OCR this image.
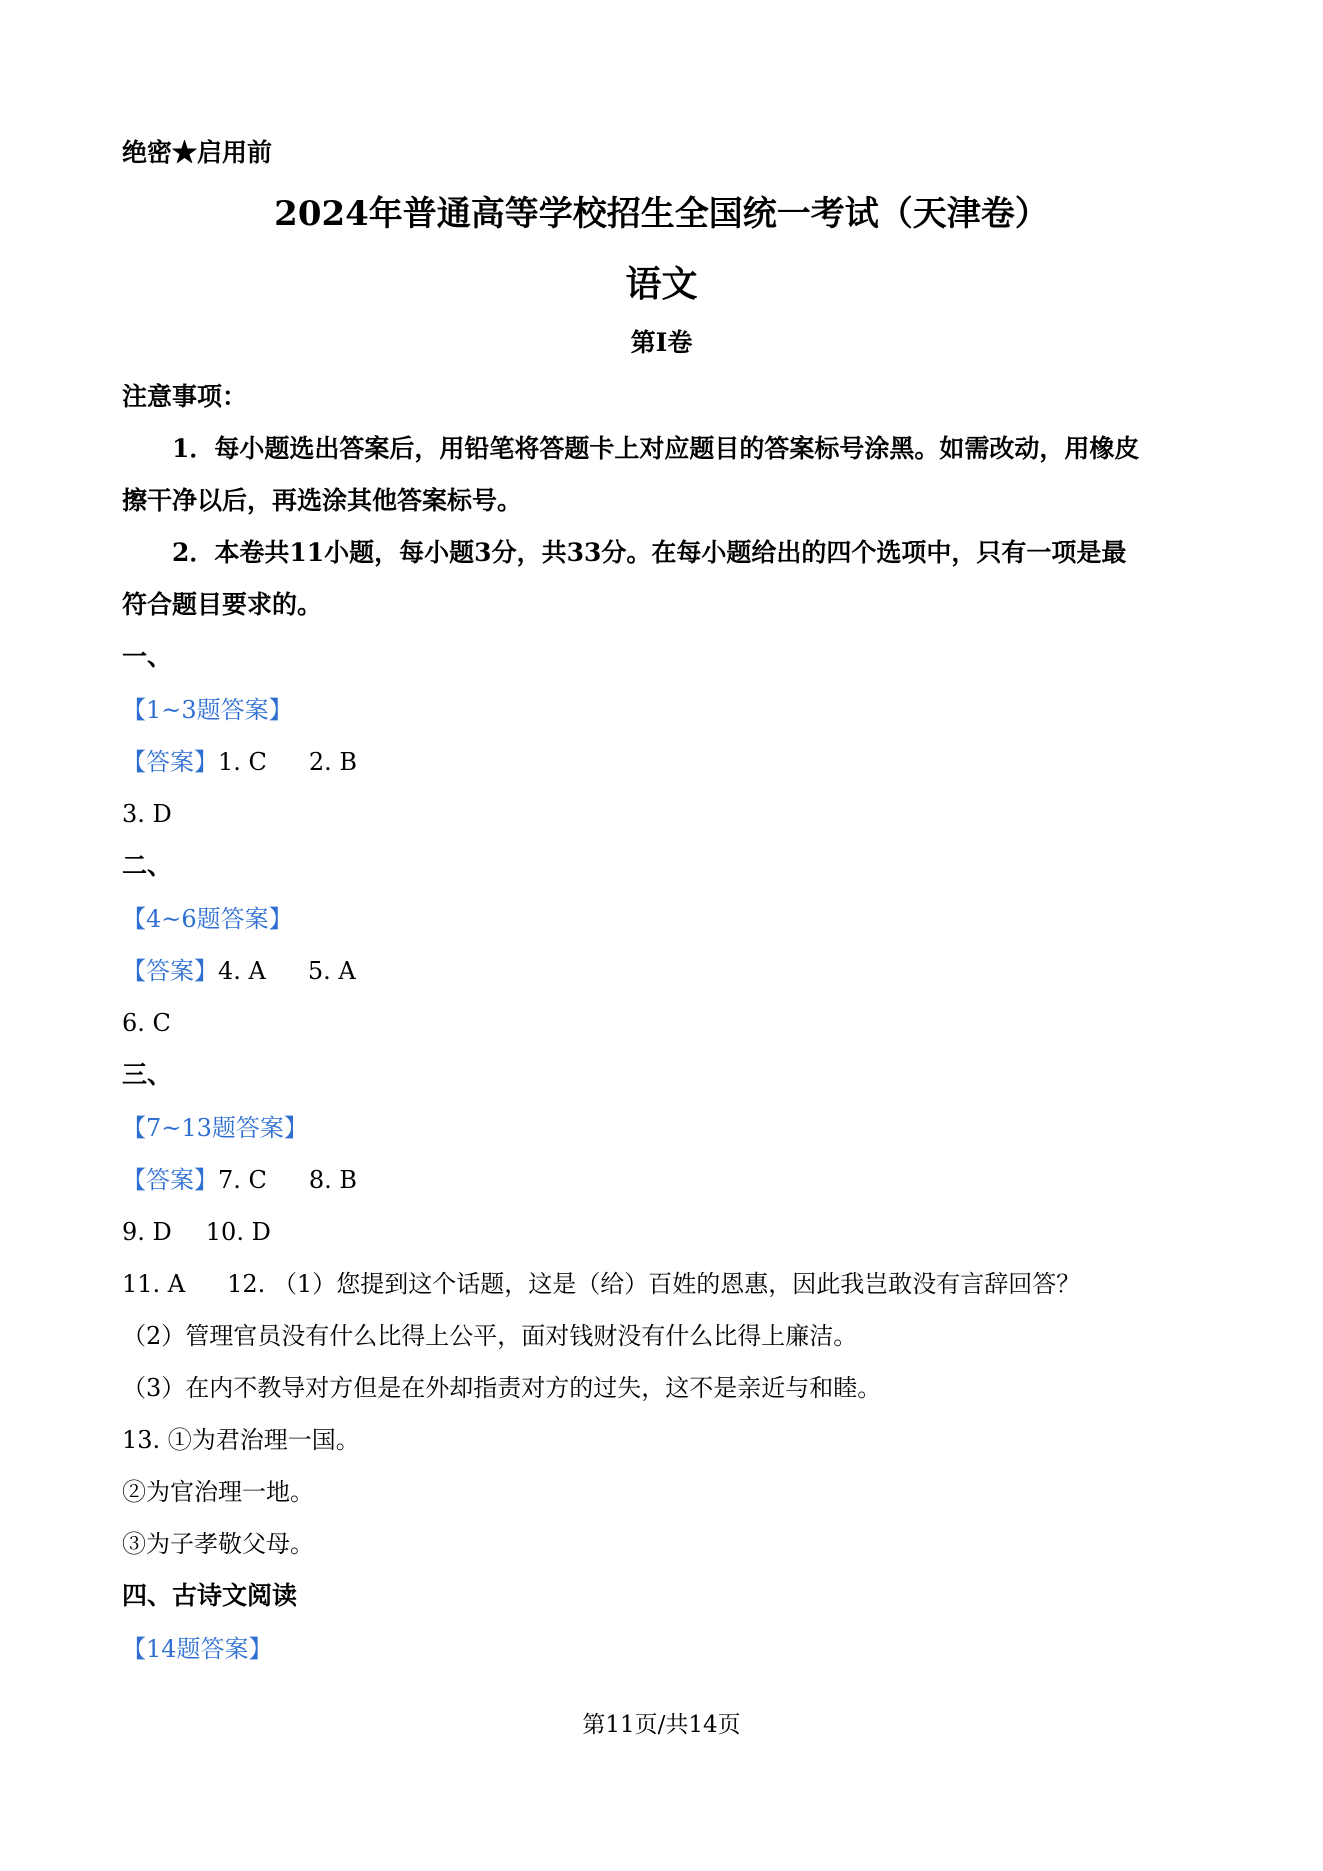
绝密★启用前
2024年普通高等学校招生全国统一考试（天津卷）
语文
第Ⅰ卷
注意事项：
1．每小题选出答案后，用铅笔将答题卡上对应题目的答案标号涂黑。如需改动，用橡皮
擦干净以后，再选涂其他答案标号。
2．本卷共11小题，每小题3分，共33分。在每小题给出的四个选项中，只有一项是最
符合题目要求的。
一、
【1~3题答案】
【答案】1. C 2. B
3. D
二、
【4~6题答案】
【答案】4. A 5. A
6. C
三、
【7~13题答案】
【答案】7. C 8. B
9. D 10. D
11. A 12. （1）您提到这个话题，这是（给）百姓的恩惠，因此我岂敢没有言辞回答？
（2）管理官员没有什么比得上公平，面对钱财没有什么比得上廉洁。
（3）在内不教导对方但是在外却指责对方的过失，这不是亲近与和睦。
13. ①为君治理一国。
②为官治理一地。
③为子孝敬父母。
四、古诗文阅读
【14题答案】
第11页/共14页
